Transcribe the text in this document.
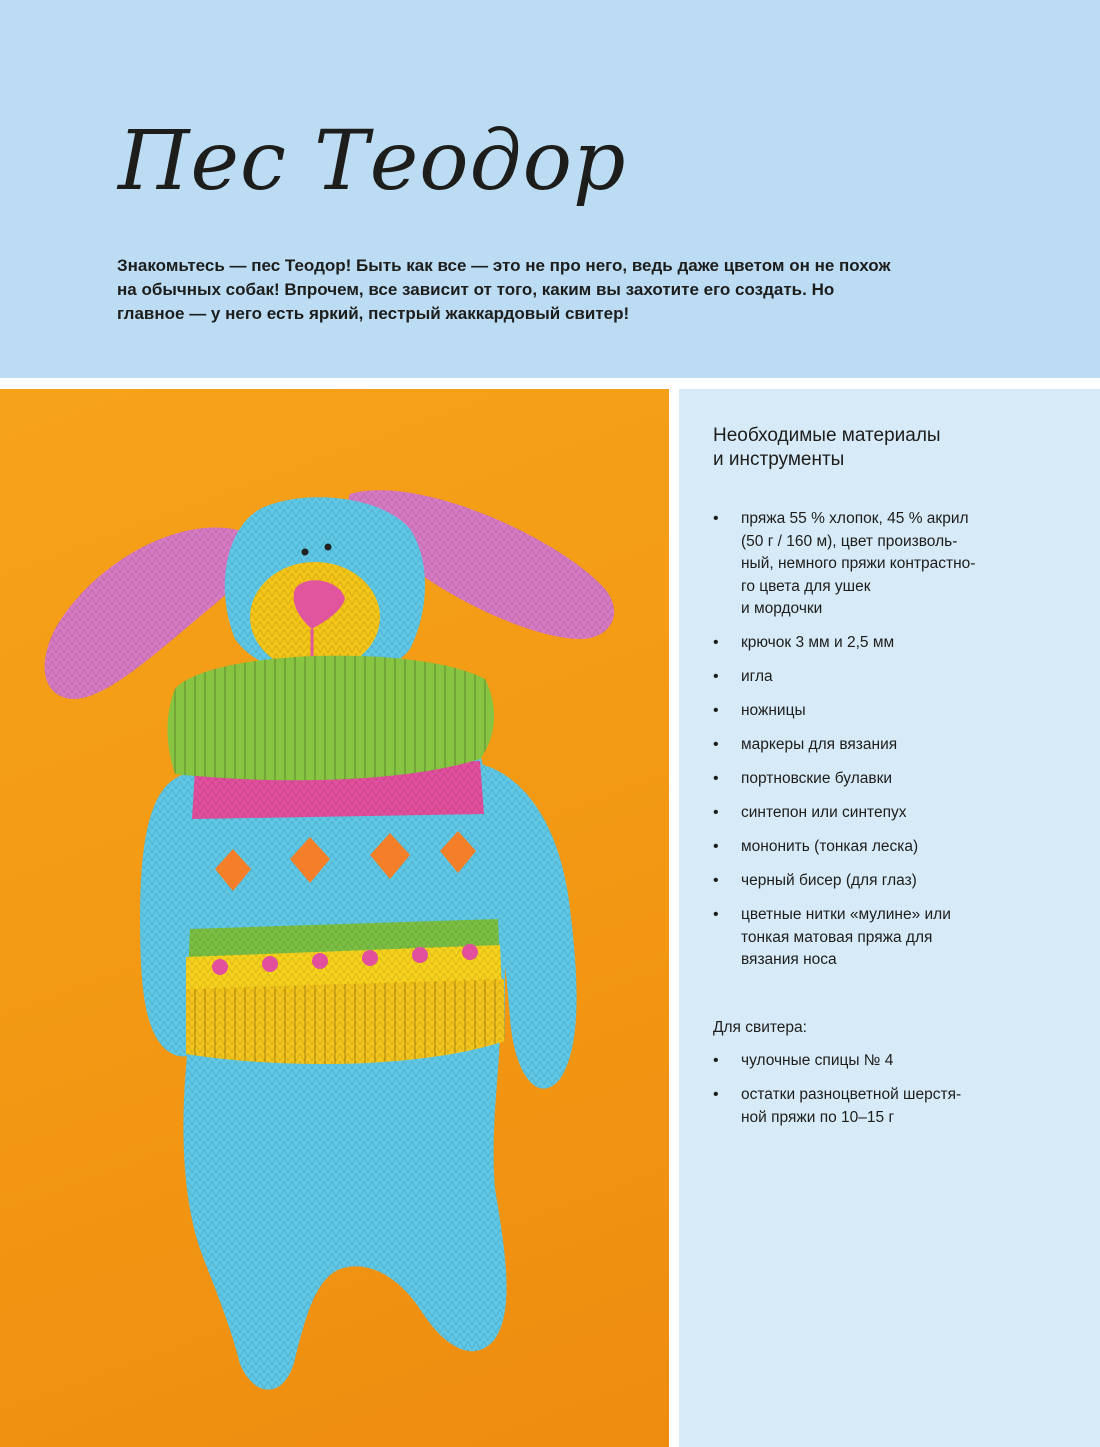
Пес Теодор

Знакомьтесь — пес Теодор! Быть как все — это не про него, ведь даже цветом он не похож
на обычных собак! Впрочем, все зависит от того, каким вы захотите его создать. Но
главное — у него есть яркий, пестрый жаккардовый свитер!

Необходимые материалы
и инструменты
• пряжа 55 % хлопок, 45 % акрил
(50 г / 160 м), цвет произволь-
ный, немного пряжи контрастно-
го цвета для ушек
и мордочки
• крючок 3 мм и 2,5 мм
• игла
• ножницы
• маркеры для вязания
• портновские булавки
• синтепон или синтепух
• мононить (тонкая леска)
• черный бисер (для глаз)
• цветные нитки «мулине» или
тонкая матовая пряжа для
вязания носа

Для свитера:

• чулочные спицы № 4
• остатки разноцветной шерстя-
ной пряжи по 10–15 г
